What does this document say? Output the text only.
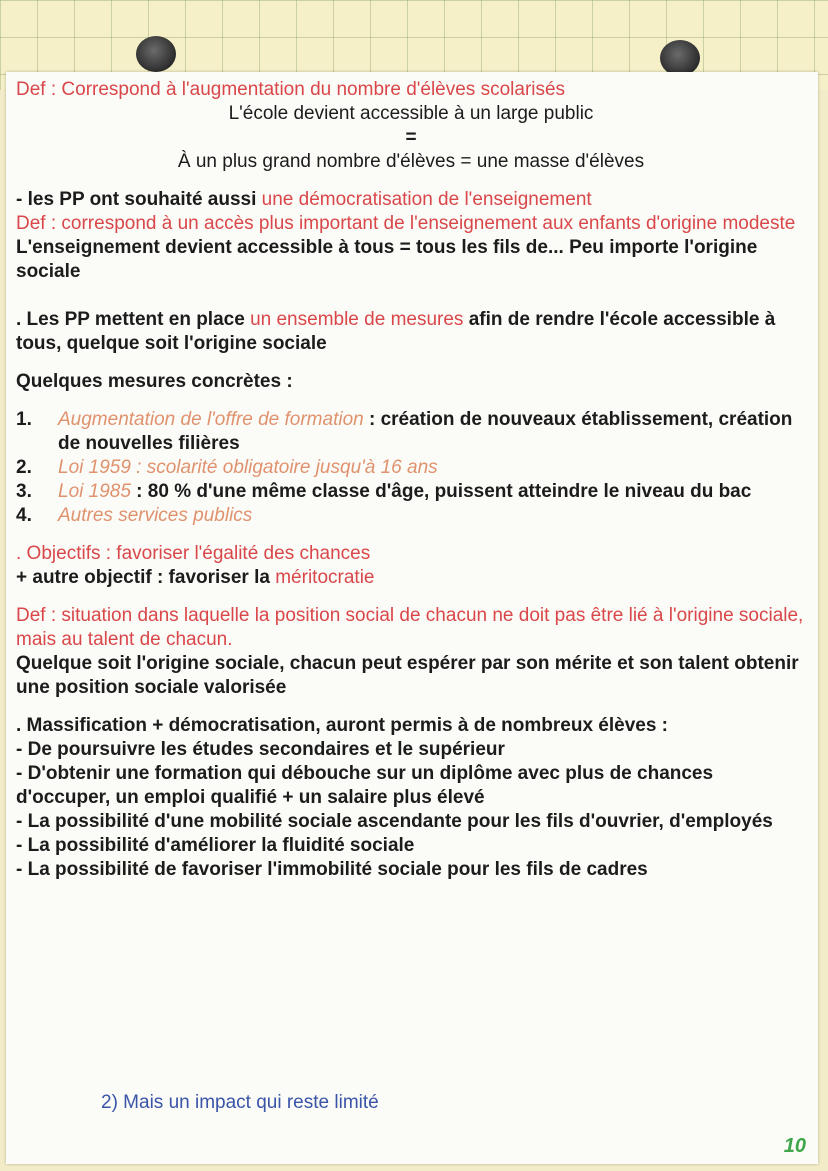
Def : Correspond à l'augmentation du nombre d'élèves scolarisés
L'école devient accessible à un large public
=
À un plus grand nombre d'élèves = une masse d'élèves
- les PP ont souhaité aussi une démocratisation de l'enseignement
Def : correspond à un accès plus important de l'enseignement aux enfants d'origine modeste
L'enseignement devient accessible à tous = tous les fils de... Peu importe l'origine sociale
. Les PP mettent en place un ensemble de mesures afin de rendre l'école accessible à tous, quelque soit l'origine sociale
Quelques mesures concrètes :
1.	Augmentation de l'offre de formation : création de nouveaux établissement, création de nouvelles filières
2.	Loi 1959 : scolarité obligatoire jusqu'à 16 ans
3.	Loi 1985 : 80 % d'une même classe d'âge, puissent atteindre le niveau du bac
4.	Autres services publics
. Objectifs : favoriser l'égalité des chances
+ autre objectif : favoriser la méritocratie
Def : situation dans laquelle la position social de chacun ne doit pas être lié à l'origine sociale, mais au talent de chacun.
Quelque soit l'origine sociale, chacun peut espérer par son mérite et son talent obtenir une position sociale valorisée
. Massification + démocratisation, auront permis à de nombreux élèves :
- De poursuivre les études secondaires et le supérieur
- D'obtenir une formation qui débouche sur un diplôme avec plus de chances d'occuper, un emploi qualifié + un salaire plus élevé
- La possibilité d'une mobilité sociale ascendante pour les fils d'ouvrier, d'employés
- La possibilité d'améliorer la fluidité sociale
- La possibilité de favoriser l'immobilité sociale pour les fils de cadres
2) Mais un impact qui reste limité
10
